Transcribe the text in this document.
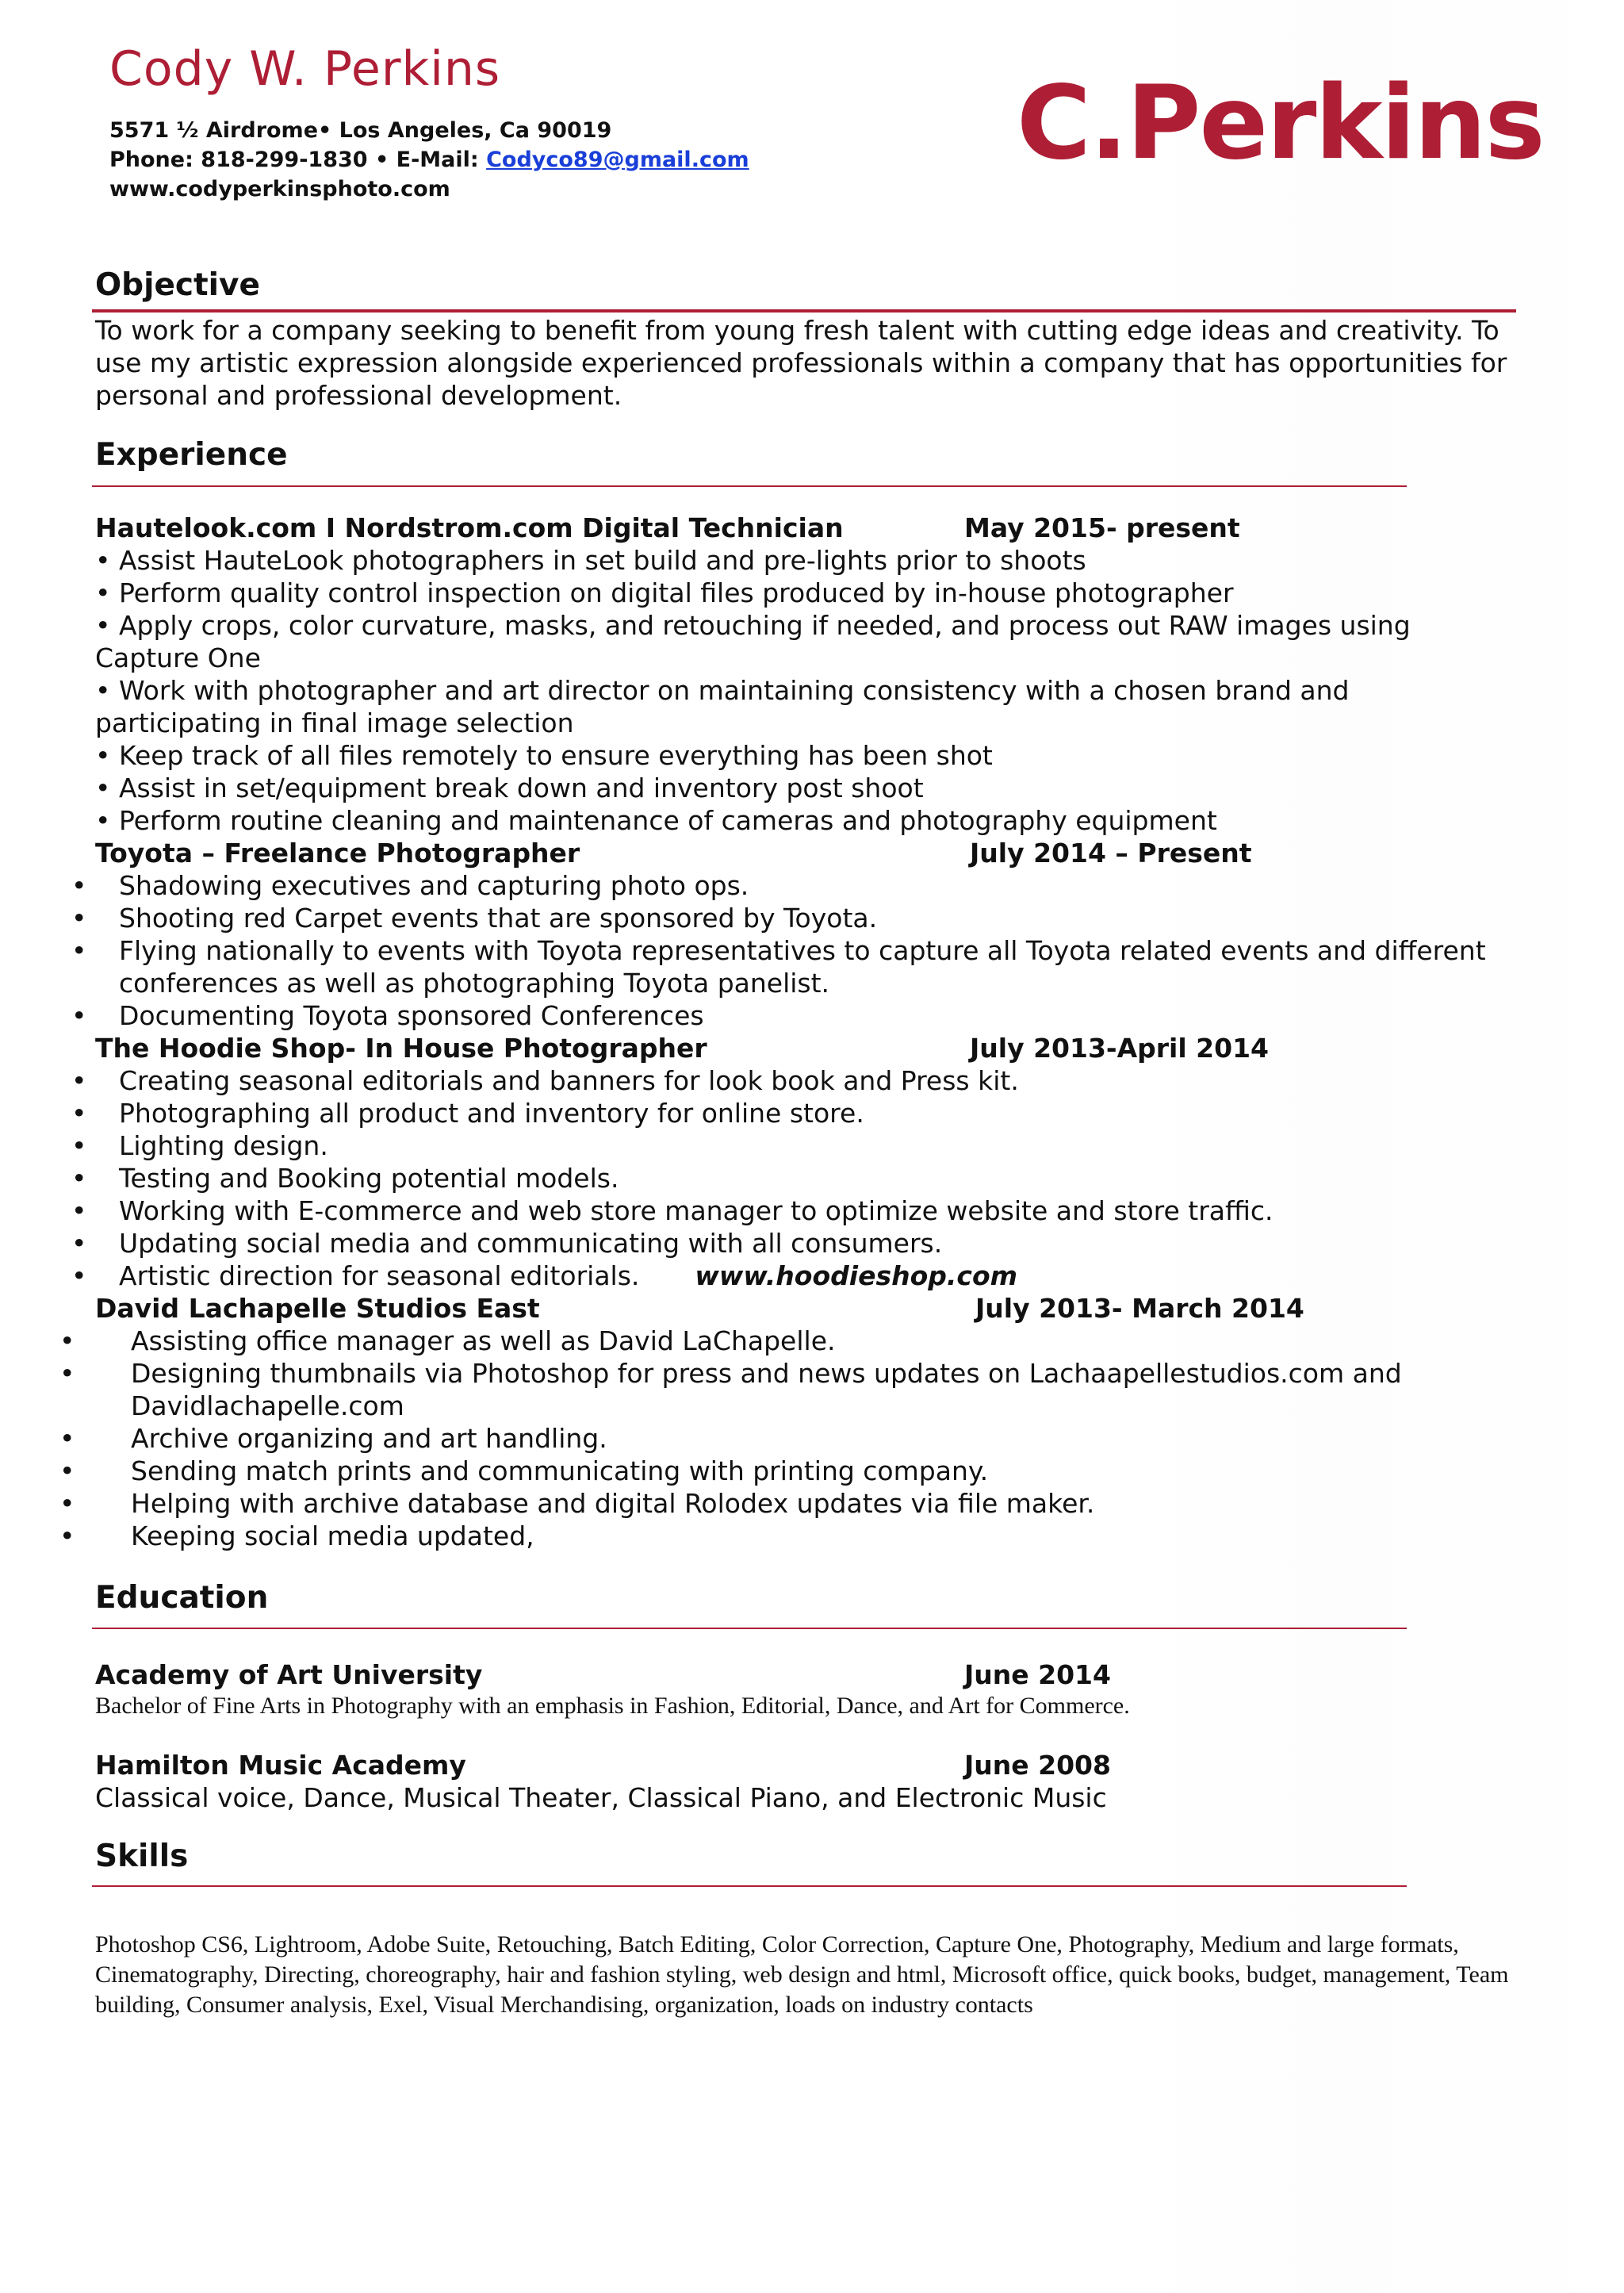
Cody W. Perkins	C.Perkins
5571 ½ Airdrome• Los Angeles, Ca 90019
Phone: 818-299-1830 • E-Mail: Codyco89@gmail.com
www.codyperkinsphoto.com
Objective
To work for a company seeking to benefit from young fresh talent with cutting edge ideas and creativity. To use my artistic expression alongside experienced professionals within a company that has opportunities for personal and professional development.
Experience
Hautelook.com I Nordstrom.com Digital Technician	May 2015- present
• Assist HauteLook photographers in set build and pre-lights prior to shoots
• Perform quality control inspection on digital files produced by in-house photographer
• Apply crops, color curvature, masks, and retouching if needed, and process out RAW images using Capture One
• Work with photographer and art director on maintaining consistency with a chosen brand and participating in final image selection
• Keep track of all files remotely to ensure everything has been shot
• Assist in set/equipment break down and inventory post shoot
• Perform routine cleaning and maintenance of cameras and photography equipment
Toyota – Freelance Photographer	July 2014 – Present
• Shadowing executives and capturing photo ops.
• Shooting red Carpet events that are sponsored by Toyota.
• Flying nationally to events with Toyota representatives to capture all Toyota related events and different conferences as well as photographing Toyota panelist.
• Documenting Toyota sponsored Conferences
The Hoodie Shop- In House Photographer	July 2013-April 2014
• Creating seasonal editorials and banners for look book and Press kit.
• Photographing all product and inventory for online store.
• Lighting design.
• Testing and Booking potential models.
• Working with E-commerce and web store manager to optimize website and store traffic.
• Updating social media and communicating with all consumers.
• Artistic direction for seasonal editorials. www.hoodieshop.com
David Lachapelle Studios East	July 2013- March 2014
• Assisting office manager as well as David LaChapelle.
• Designing thumbnails via Photoshop for press and news updates on Lachaapellestudios.com and Davidlachapelle.com
• Archive organizing and art handling.
• Sending match prints and communicating with printing company.
• Helping with archive database and digital Rolodex updates via file maker.
• Keeping social media updated,
Education
Academy of Art University	June 2014
Bachelor of Fine Arts in Photography with an emphasis in Fashion, Editorial, Dance, and Art for Commerce.
Hamilton Music Academy	June 2008
Classical voice, Dance, Musical Theater, Classical Piano, and Electronic Music
Skills
Photoshop CS6, Lightroom, Adobe Suite, Retouching, Batch Editing, Color Correction, Capture One, Photography, Medium and large formats, Cinematography, Directing, choreography, hair and fashion styling, web design and html, Microsoft office, quick books, budget, management, Team building, Consumer analysis, Exel, Visual Merchandising, organization, loads on industry contacts
